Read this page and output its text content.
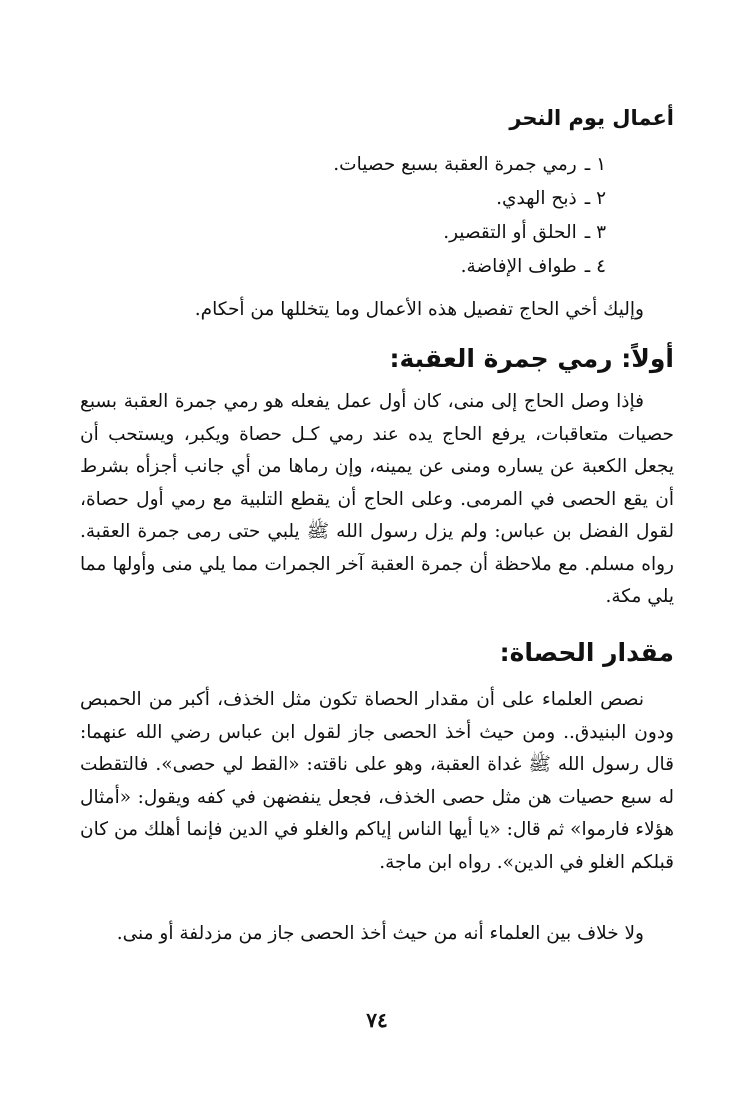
أعمال يوم النحر
١ ـرمي جمرة العقبة بسبع حصيات.
٢ ـذبح الهدي.
٣ ـالحلق أو التقصير.
٤ ـطواف الإفاضة.

وإليك أخي الحاج تفصيل هذه الأعمال وما يتخللها من أحكام.

أولاً: رمي جمرة العقبة:

فإذا وصل الحاج إلى منى، كان أول عمل يفعله هو رمي جمرة العقبة بسبع حصيات متعاقبات، يرفع الحاج يده عند رمي كـل حصاة ويكبر، ويستحب أن يجعل الكعبة عن يساره ومنى عن يمينه، وإن رماها من أي جانب أجزأه بشرط أن يقع الحصى في المرمى. وعلى الحاج أن يقطع التلبية مع رمي أول حصاة، لقول الفضل بن عباس: ولم يزل رسول الله ﷺ يلبي حتى رمى جمرة العقبة. رواه مسلم. مع ملاحظة أن جمرة العقبة آخر الجمرات مما يلي منى وأولها مما يلي مكة.

مقدار الحصاة:

نصص العلماء على أن مقدار الحصاة تكون مثل الخذف، أكبر من الحمبص ودون البنيدق.. ومن حيث أخذ الحصى جاز لقول ابن عباس رضي الله عنهما: قال رسول الله ﷺ غداة العقبة، وهو على ناقته: «القط لي حصى». فالتقطت له سبع حصيات هن مثل حصى الخذف، فجعل ينفضهن في كفه ويقول: «أمثال هؤلاء فارموا» ثم قال: «يا أيها الناس إياكم والغلو في الدين فإنما أهلك من كان قبلكم الغلو في الدين». رواه ابن ماجة.

ولا خلاف بين العلماء أنه من حيث أخذ الحصى جاز من مزدلفة أو منى.

٧٤
